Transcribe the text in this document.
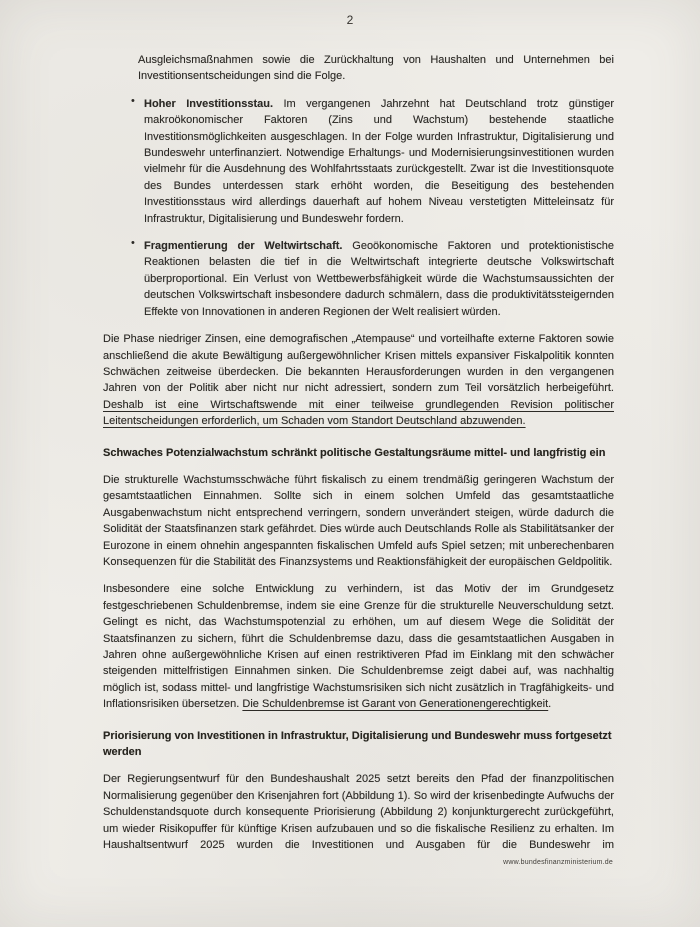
2

Ausgleichsmaßnahmen sowie die Zurückhaltung von Haushalten und Unternehmen bei Investitionsentscheidungen sind die Folge.

• Hoher Investitionsstau. Im vergangenen Jahrzehnt hat Deutschland trotz günstiger makroökonomischer Faktoren (Zins und Wachstum) bestehende staatliche Investitionsmöglichkeiten ausgeschlagen. In der Folge wurden Infrastruktur, Digitalisierung und Bundeswehr unterfinanziert. Notwendige Erhaltungs- und Modernisierungsinvestitionen wurden vielmehr für die Ausdehnung des Wohlfahrtsstaats zurückgestellt. Zwar ist die Investitionsquote des Bundes unterdessen stark erhöht worden, die Beseitigung des bestehenden Investitionsstaus wird allerdings dauerhaft auf hohem Niveau verstetigten Mitteleinsatz für Infrastruktur, Digitalisierung und Bundeswehr fordern.

• Fragmentierung der Weltwirtschaft. Geoökonomische Faktoren und protektionistische Reaktionen belasten die tief in die Weltwirtschaft integrierte deutsche Volkswirtschaft überproportional. Ein Verlust von Wettbewerbsfähigkeit würde die Wachstumsaussichten der deutschen Volkswirtschaft insbesondere dadurch schmälern, dass die produktivitätssteigernden Effekte von Innovationen in anderen Regionen der Welt realisiert würden.

Die Phase niedriger Zinsen, eine demografischen „Atempause“ und vorteilhafte externe Faktoren sowie anschließend die akute Bewältigung außergewöhnlicher Krisen mittels expansiver Fiskalpolitik konnten Schwächen zeitweise überdecken. Die bekannten Herausforderungen wurden in den vergangenen Jahren von der Politik aber nicht nur nicht adressiert, sondern zum Teil vorsätzlich herbeigeführt. Deshalb ist eine Wirtschaftswende mit einer teilweise grundlegenden Revision politischer Leitentscheidungen erforderlich, um Schaden vom Standort Deutschland abzuwenden.

Schwaches Potenzialwachstum schränkt politische Gestaltungsräume mittel- und langfristig ein

Die strukturelle Wachstumsschwäche führt fiskalisch zu einem trendmäßig geringeren Wachstum der gesamtstaatlichen Einnahmen. Sollte sich in einem solchen Umfeld das gesamtstaatliche Ausgabenwachstum nicht entsprechend verringern, sondern unverändert steigen, würde dadurch die Solidität der Staatsfinanzen stark gefährdet. Dies würde auch Deutschlands Rolle als Stabilitätsanker der Eurozone in einem ohnehin angespannten fiskalischen Umfeld aufs Spiel setzen; mit unberechenbaren Konsequenzen für die Stabilität des Finanzsystems und Reaktionsfähigkeit der europäischen Geldpolitik.

Insbesondere eine solche Entwicklung zu verhindern, ist das Motiv der im Grundgesetz festgeschriebenen Schuldenbremse, indem sie eine Grenze für die strukturelle Neuverschuldung setzt. Gelingt es nicht, das Wachstumspotenzial zu erhöhen, um auf diesem Wege die Solidität der Staatsfinanzen zu sichern, führt die Schuldenbremse dazu, dass die gesamtstaatlichen Ausgaben in Jahren ohne außergewöhnliche Krisen auf einen restriktiveren Pfad im Einklang mit den schwächer steigenden mittelfristigen Einnahmen sinken. Die Schuldenbremse zeigt dabei auf, was nachhaltig möglich ist, sodass mittel- und langfristige Wachstumsrisiken sich nicht zusätzlich in Tragfähigkeits- und Inflationsrisiken übersetzen. Die Schuldenbremse ist Garant von Generationengerechtigkeit.

Priorisierung von Investitionen in Infrastruktur, Digitalisierung und Bundeswehr muss fortgesetzt werden

Der Regierungsentwurf für den Bundeshaushalt 2025 setzt bereits den Pfad der finanzpolitischen Normalisierung gegenüber den Krisenjahren fort (Abbildung 1). So wird der krisenbedingte Aufwuchs der Schuldenstandsquote durch konsequente Priorisierung (Abbildung 2) konjunkturgerecht zurückgeführt, um wieder Risikopuffer für künftige Krisen aufzubauen und so die fiskalische Resilienz zu erhalten. Im Haushaltsentwurf 2025 wurden die Investitionen und Ausgaben für die Bundeswehr im

www.bundesfinanzministerium.de
